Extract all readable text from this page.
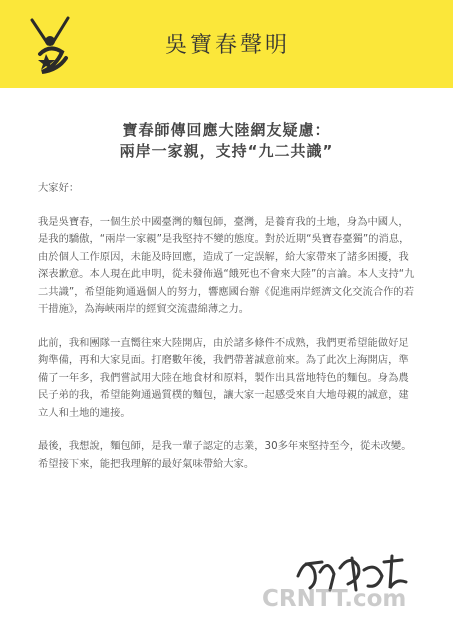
吳寶春聲明
寶春師傳回應大陸網友疑慮：
兩岸一家親，支持“九二共識”

大家好：

我是吳寶春，一個生於中國臺灣的麵包師，臺灣，是養育我的土地，身為中國人，是我的驕傲，“兩岸一家親”是我堅持不變的態度。對於近期“吳寶春臺獨”的消息，由於個人工作原因，未能及時回應，造成了一定誤解，給大家帶來了諸多困擾，我深表歉意。本人現在此申明，從未發佈過“餓死也不會來大陸”的言論。本人支持“九二共識”，希望能夠通過個人的努力，響應國台辦《促進兩岸經濟文化交流合作的若干措施》，為海峽兩岸的經貿交流盡綿薄之力。

此前，我和團隊一直嚮往來大陸開店，由於諸多條件不成熟，我們更希望能做好足夠準備，再和大家見面。打磨數年後，我們帶著誠意前來。為了此次上海開店，準備了一年多，我們嘗試用大陸在地食材和原料，製作出具當地特色的麵包。身為農民子弟的我，希望能夠通過質樸的麵包，讓大家一起感受來自大地母親的誠意，建立人和土地的連接。

最後，我想說，麵包師，是我一輩子認定的志業，30多年來堅持至今，從未改變。希望接下來，能把我理解的最好氣味帶給大家。

CRNTT.com
